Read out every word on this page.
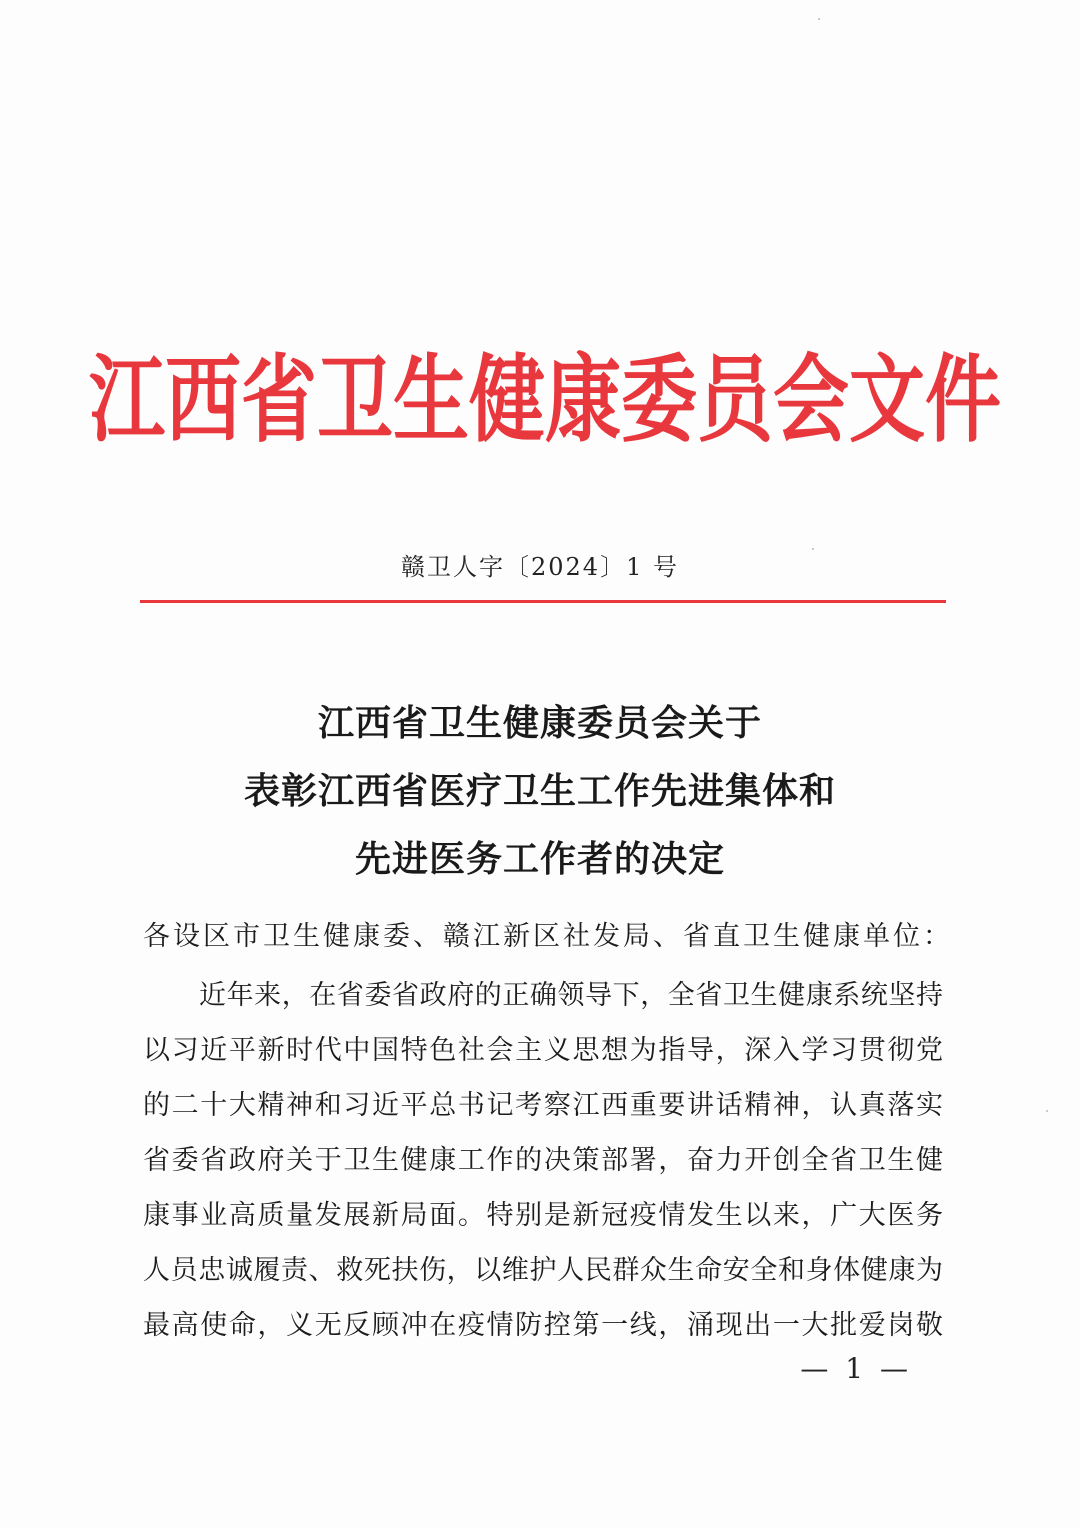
江西省卫生健康委员会文件
赣卫人字〔2024〕1 号
江西省卫生健康委员会关于
表彰江西省医疗卫生工作先进集体和
先进医务工作者的决定
各设区市卫生健康委、赣江新区社发局、省直卫生健康单位：
近年来，在省委省政府的正确领导下，全省卫生健康系统坚持
以习近平新时代中国特色社会主义思想为指导，深入学习贯彻党
的二十大精神和习近平总书记考察江西重要讲话精神，认真落实
省委省政府关于卫生健康工作的决策部署，奋力开创全省卫生健
康事业高质量发展新局面。特别是新冠疫情发生以来，广大医务
人员忠诚履责、救死扶伤，以维护人民群众生命安全和身体健康为
最高使命，义无反顾冲在疫情防控第一线，涌现出一大批爱岗敬
— 1 —
